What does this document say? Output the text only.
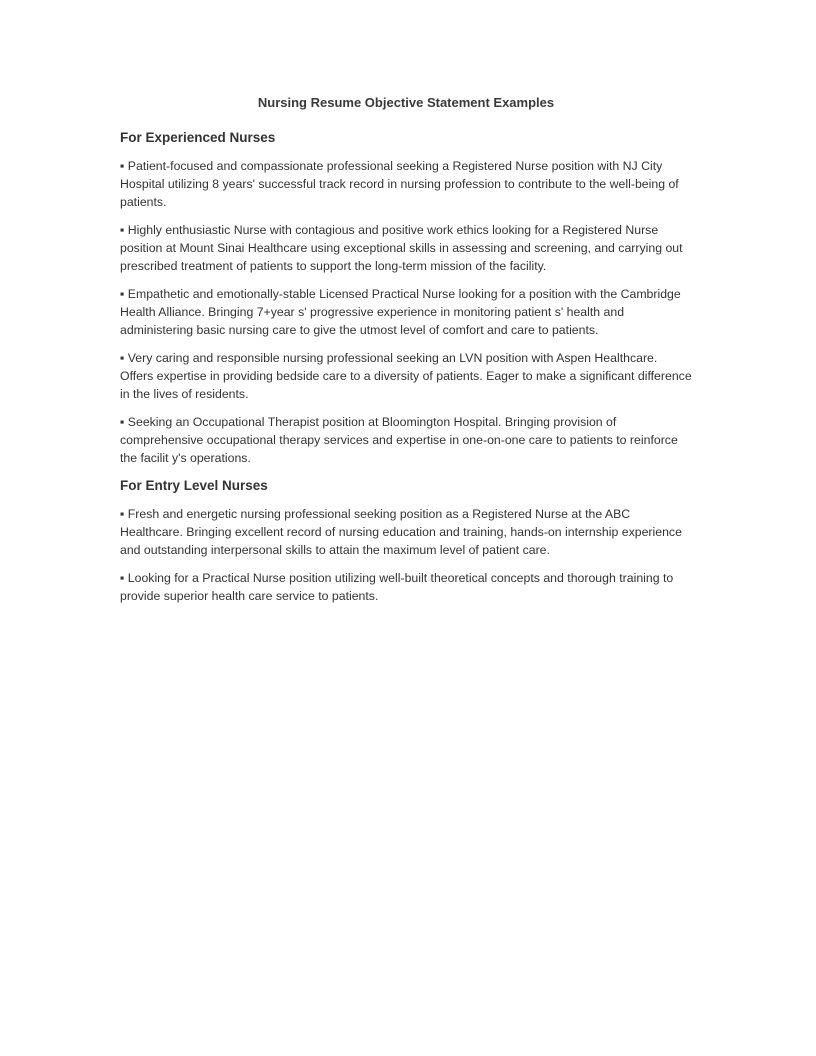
Nursing Resume Objective Statement Examples
For Experienced Nurses

▪ Patient-focused and compassionate professional seeking a Registered Nurse position with NJ City Hospital utilizing 8 years' successful track record in nursing profession to contribute to the well-being of patients.

▪ Highly enthusiastic Nurse with contagious and positive work ethics looking for a Registered Nurse position at Mount Sinai Healthcare using exceptional skills in assessing and screening, and carrying out prescribed treatment of patients to support the long-term mission of the facility.

▪ Empathetic and emotionally-stable Licensed Practical Nurse looking for a position with the Cambridge Health Alliance. Bringing 7+year s' progressive experience in monitoring patient s' health and administering basic nursing care to give the utmost level of comfort and care to patients.

▪ Very caring and responsible nursing professional seeking an LVN position with Aspen Healthcare. Offers expertise in providing bedside care to a diversity of patients. Eager to make a significant difference in the lives of residents.

▪ Seeking an Occupational Therapist position at Bloomington Hospital. Bringing provision of comprehensive occupational therapy services and expertise in one-on-one care to patients to reinforce the facilit y's operations.

For Entry Level Nurses

▪ Fresh and energetic nursing professional seeking position as a Registered Nurse at the ABC Healthcare. Bringing excellent record of nursing education and training, hands-on internship experience and outstanding interpersonal skills to attain the maximum level of patient care.

▪ Looking for a Practical Nurse position utilizing well-built theoretical concepts and thorough training to provide superior health care service to patients.
